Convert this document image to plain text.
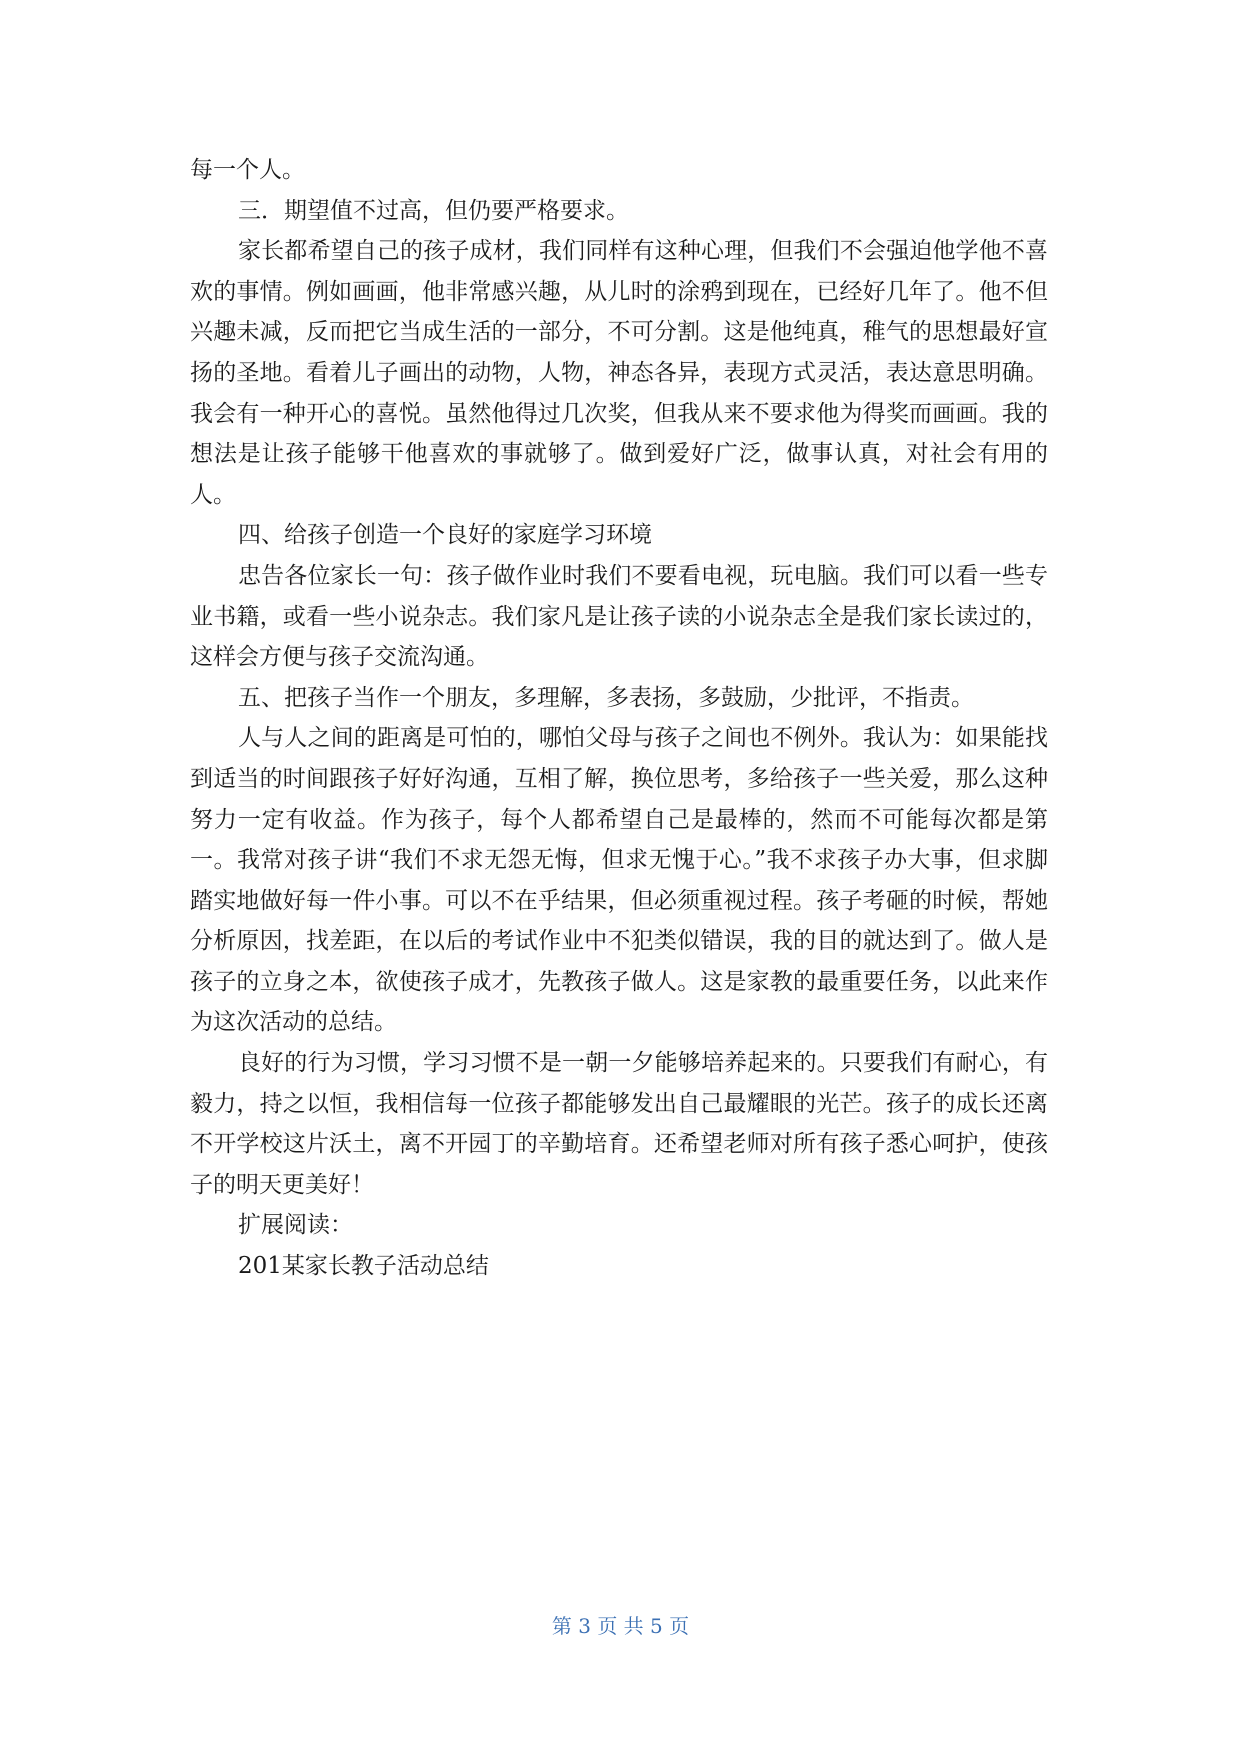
每一个人。

三．期望值不过高，但仍要严格要求。

家长都希望自己的孩子成材，我们同样有这种心理，但我们不会强迫他学他不喜欢的事情。例如画画，他非常感兴趣，从儿时的涂鸦到现在，已经好几年了。他不但兴趣未减，反而把它当成生活的一部分，不可分割。这是他纯真，稚气的思想最好宣扬的圣地。看着儿子画出的动物，人物，神态各异，表现方式灵活，表达意思明确。我会有一种开心的喜悦。虽然他得过几次奖，但我从来不要求他为得奖而画画。我的想法是让孩子能够干他喜欢的事就够了。做到爱好广泛，做事认真，对社会有用的人。

四、给孩子创造一个良好的家庭学习环境

忠告各位家长一句：孩子做作业时我们不要看电视，玩电脑。我们可以看一些专业书籍，或看一些小说杂志。我们家凡是让孩子读的小说杂志全是我们家长读过的，这样会方便与孩子交流沟通。

五、把孩子当作一个朋友，多理解，多表扬，多鼓励，少批评，不指责。

人与人之间的距离是可怕的，哪怕父母与孩子之间也不例外。我认为：如果能找到适当的时间跟孩子好好沟通，互相了解，换位思考，多给孩子一些关爱，那么这种努力一定有收益。作为孩子，每个人都希望自己是最棒的，然而不可能每次都是第一。我常对孩子讲“我们不求无怨无悔，但求无愧于心。”我不求孩子办大事，但求脚踏实地做好每一件小事。可以不在乎结果，但必须重视过程。孩子考砸的时候，帮她分析原因，找差距，在以后的考试作业中不犯类似错误，我的目的就达到了。做人是孩子的立身之本，欲使孩子成才，先教孩子做人。这是家教的最重要任务，以此来作为这次活动的总结。

良好的行为习惯，学习习惯不是一朝一夕能够培养起来的。只要我们有耐心，有毅力，持之以恒，我相信每一位孩子都能够发出自己最耀眼的光芒。孩子的成长还离不开学校这片沃土，离不开园丁的辛勤培育。还希望老师对所有孩子悉心呵护，使孩子的明天更美好！

扩展阅读：

201某家长教子活动总结

第 3 页 共 5 页
